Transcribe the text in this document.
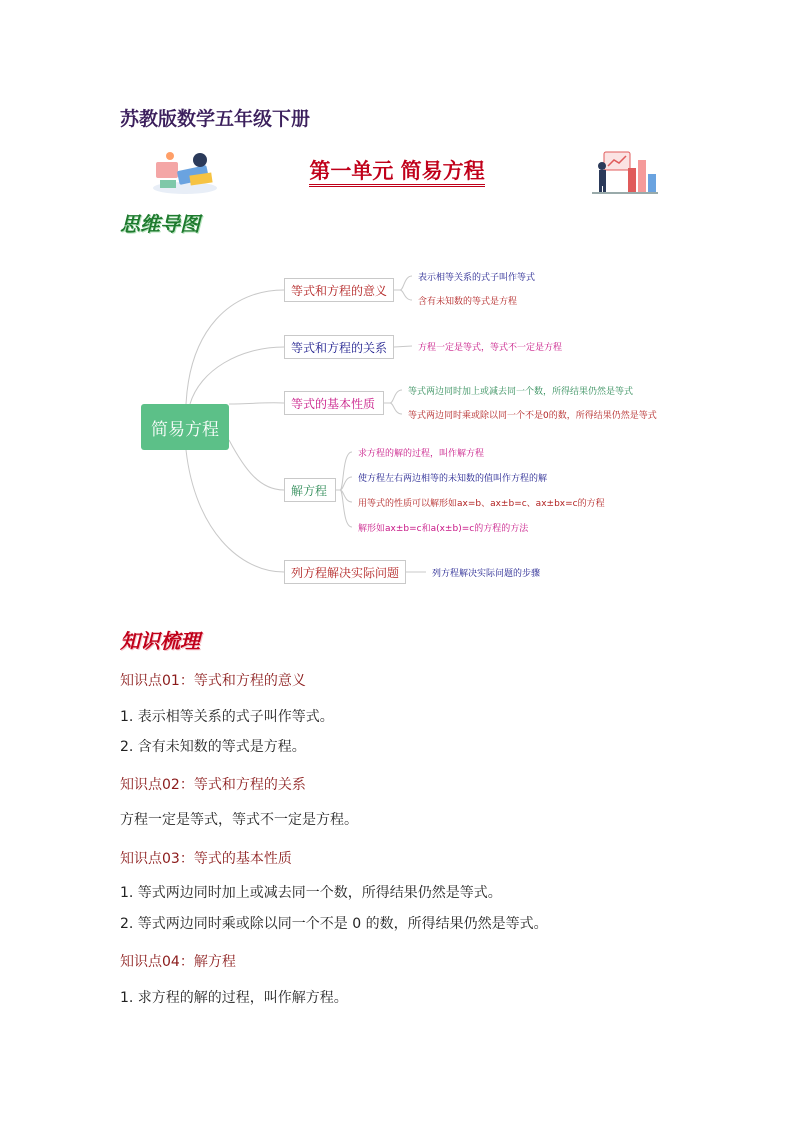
苏教版数学五年级下册
第一单元 简易方程
思维导图
简易方程
等式和方程的意义
表示相等关系的式子叫作等式
含有未知数的等式是方程
等式和方程的关系	方程一定是等式，等式不一定是方程
等式的基本性质
等式两边同时加上或减去同一个数，所得结果仍然是等式
等式两边同时乘或除以同一个不是0的数，所得结果仍然是等式
解方程
求方程的解的过程，叫作解方程
使方程左右两边相等的未知数的值叫作方程的解
用等式的性质可以解形如ax=b、ax±b=c、ax±bx=c的方程
解形如ax±b=c和a(x±b)=c的方程的方法
列方程解决实际问题	列方程解决实际问题的步骤
知识梳理
知识点01：等式和方程的意义
1. 表示相等关系的式子叫作等式。
2. 含有未知数的等式是方程。
知识点02：等式和方程的关系
方程一定是等式，等式不一定是方程。
知识点03：等式的基本性质
1. 等式两边同时加上或减去同一个数，所得结果仍然是等式。
2. 等式两边同时乘或除以同一个不是 0 的数，所得结果仍然是等式。
知识点04：解方程
1. 求方程的解的过程，叫作解方程。
